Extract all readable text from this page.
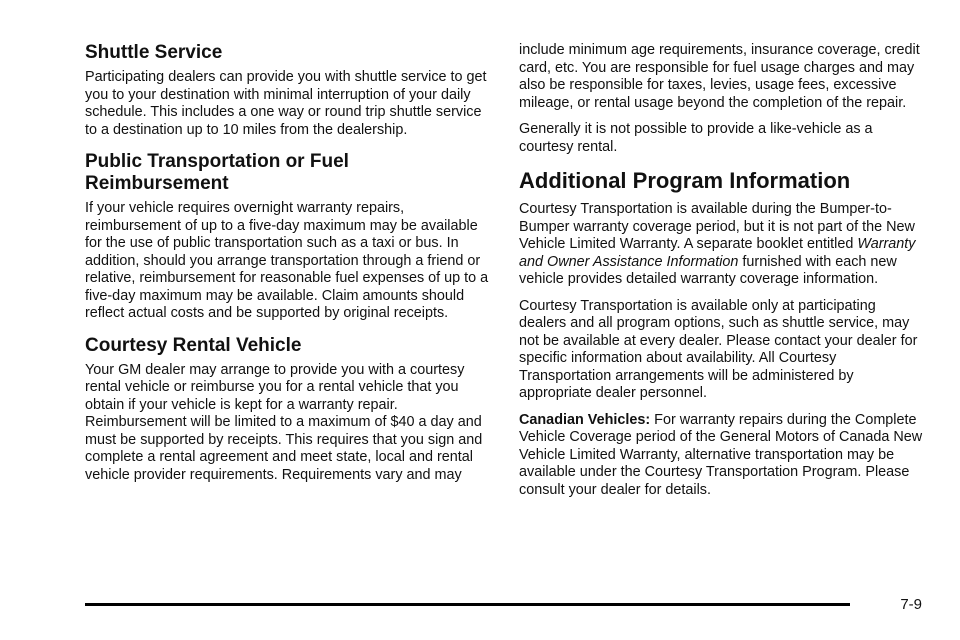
Shuttle Service

Participating dealers can provide you with shuttle service to get you to your destination with minimal interruption of your daily schedule. This includes a one way or round trip shuttle service to a destination up to 10 miles from the dealership.

Public Transportation or Fuel Reimbursement

If your vehicle requires overnight warranty repairs, reimbursement of up to a five-day maximum may be available for the use of public transportation such as a taxi or bus. In addition, should you arrange transportation through a friend or relative, reimbursement for reasonable fuel expenses of up to a five-day maximum may be available. Claim amounts should reflect actual costs and be supported by original receipts.

Courtesy Rental Vehicle

Your GM dealer may arrange to provide you with a courtesy rental vehicle or reimburse you for a rental vehicle that you obtain if your vehicle is kept for a warranty repair. Reimbursement will be limited to a maximum of $40 a day and must be supported by receipts. This requires that you sign and complete a rental agreement and meet state, local and rental vehicle provider requirements. Requirements vary and may

include minimum age requirements, insurance coverage, credit card, etc. You are responsible for fuel usage charges and may also be responsible for taxes, levies, usage fees, excessive mileage, or rental usage beyond the completion of the repair.

Generally it is not possible to provide a like-vehicle as a courtesy rental.

Additional Program Information

Courtesy Transportation is available during the Bumper-to-Bumper warranty coverage period, but it is not part of the New Vehicle Limited Warranty. A separate booklet entitled Warranty and Owner Assistance Information furnished with each new vehicle provides detailed warranty coverage information.

Courtesy Transportation is available only at participating dealers and all program options, such as shuttle service, may not be available at every dealer. Please contact your dealer for specific information about availability. All Courtesy Transportation arrangements will be administered by appropriate dealer personnel.

Canadian Vehicles: For warranty repairs during the Complete Vehicle Coverage period of the General Motors of Canada New Vehicle Limited Warranty, alternative transportation may be available under the Courtesy Transportation Program. Please consult your dealer for details.

7-9
